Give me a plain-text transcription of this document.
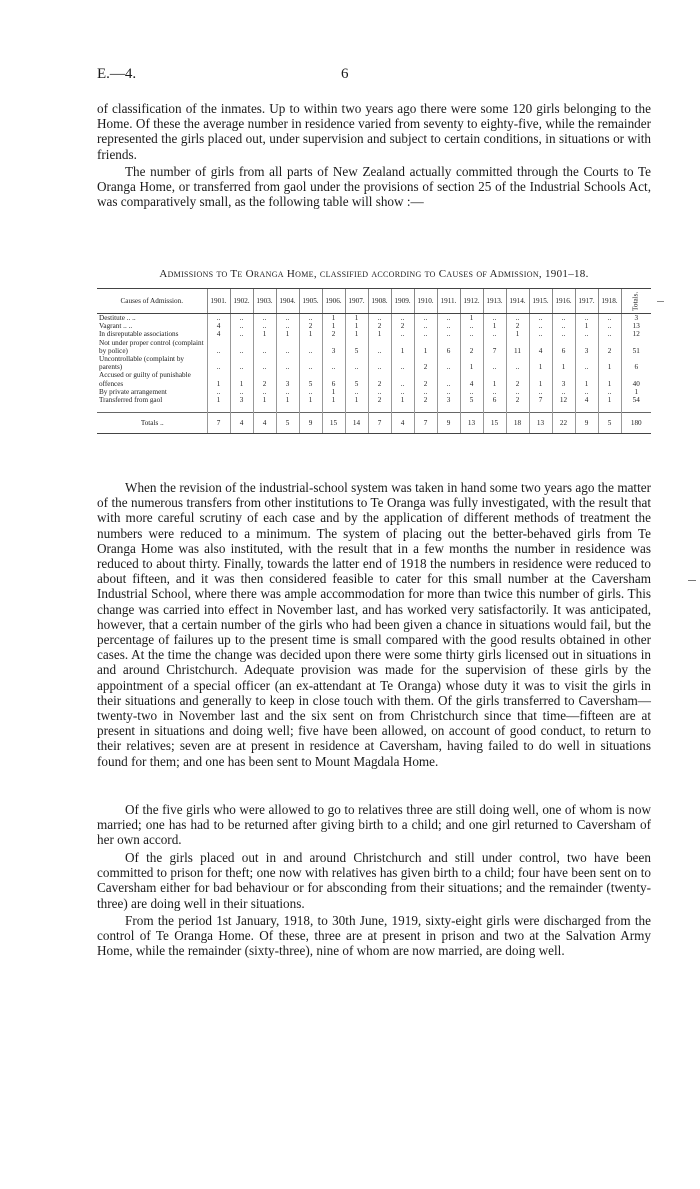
E.—4.	6

of classification of the inmates. Up to within two years ago there were some 120 girls belonging to the Home. Of these the average number in residence varied from seventy to eighty-five, while the remainder represented the girls placed out, under supervision and subject to certain conditions, in situations or with friends.

The number of girls from all parts of New Zealand actually committed through the Courts to Te Oranga Home, or transferred from gaol under the provisions of section 25 of the Industrial Schools Act, was comparatively small, as the following table will show :—

Admissions to Te Oranga Home, classified according to Causes of Admission, 1901–18.

Causes of Admission.	1901.	1902.	1903.	1904.	1905.	1906.	1907.	1908.	1909.	1910.	1911.	1912.	1913.	1914.	1915.	1916.	1917.	1918.	Totals.
Destitute .. ..	..	..	..	..	..	1	1	..	..	..	..	1	..	..	..	..	..	..	3
Vagrant .. ..	4	..	..	..	2	1	1	2	2	..	..	..	1	2	..	..	1	..	13
In disreputable associations	4	..	1	1	1	2	1	1	..	..	..	..	..	1	..	..	..	..	12
Not under proper control (complaint by police)	..	..	..	..	..	3	5	..	1	1	6	2	7	11	4	6	3	2	51
Uncontrollable (complaint by parents)	..	..	..	..	..	..	..	..	..	2	..	1	..	..	1	1	..	1	6
Accused or guilty of punishable offences	1	1	2	3	5	6	5	2	..	2	..	4	1	2	1	3	1	1	40
By private arrangement	..	..	..	..	..	1	..	..	..	..	..	..	..	..	..	..	..	..	1
Transferred from gaol	1	3	1	1	1	1	1	2	1	2	3	5	6	2	7	12	4	1	54

Totals ..	7	4	4	5	9	15	14	7	4	7	9	13	15	18	13	22	9	5	180

When the revision of the industrial-school system was taken in hand some two years ago the matter of the numerous transfers from other institutions to Te Oranga was fully investigated, with the result that with more careful scrutiny of each case and by the application of different methods of treatment the numbers were reduced to a minimum. The system of placing out the better-behaved girls from Te Oranga Home was also instituted, with the result that in a few months the number in residence was reduced to about thirty. Finally, towards the latter end of 1918 the numbers in residence were reduced to about fifteen, and it was then considered feasible to cater for this small number at the Caversham Industrial School, where there was ample accommodation for more than twice this number of girls. This change was carried into effect in November last, and has worked very satisfactorily. It was anticipated, however, that a certain number of the girls who had been given a chance in situations would fail, but the percentage of failures up to the present time is small compared with the good results obtained in other cases. At the time the change was decided upon there were some thirty girls licensed out in situations in and around Christchurch. Adequate provision was made for the supervision of these girls by the appointment of a special officer (an ex-attendant at Te Oranga) whose duty it was to visit the girls in their situations and generally to keep in close touch with them. Of the girls transferred to Caversham—twenty-two in November last and the six sent on from Christchurch since that time—fifteen are at present in situations and doing well; five have been allowed, on account of good conduct, to return to their relatives; seven are at present in residence at Caversham, having failed to do well in situations found for them; and one has been sent to Mount Magdala Home.

Of the five girls who were allowed to go to relatives three are still doing well, one of whom is now married; one has had to be returned after giving birth to a child; and one girl returned to Caversham of her own accord.

Of the girls placed out in and around Christchurch and still under control, two have been committed to prison for theft; one now with relatives has given birth to a child; four have been sent on to Caversham either for bad behaviour or for absconding from their situations; and the remainder (twenty-three) are doing well in their situations.

From the period 1st January, 1918, to 30th June, 1919, sixty-eight girls were discharged from the control of Te Oranga Home. Of these, three are at present in prison and two at the Salvation Army Home, while the remainder (sixty-three), nine of whom are now married, are doing well.
